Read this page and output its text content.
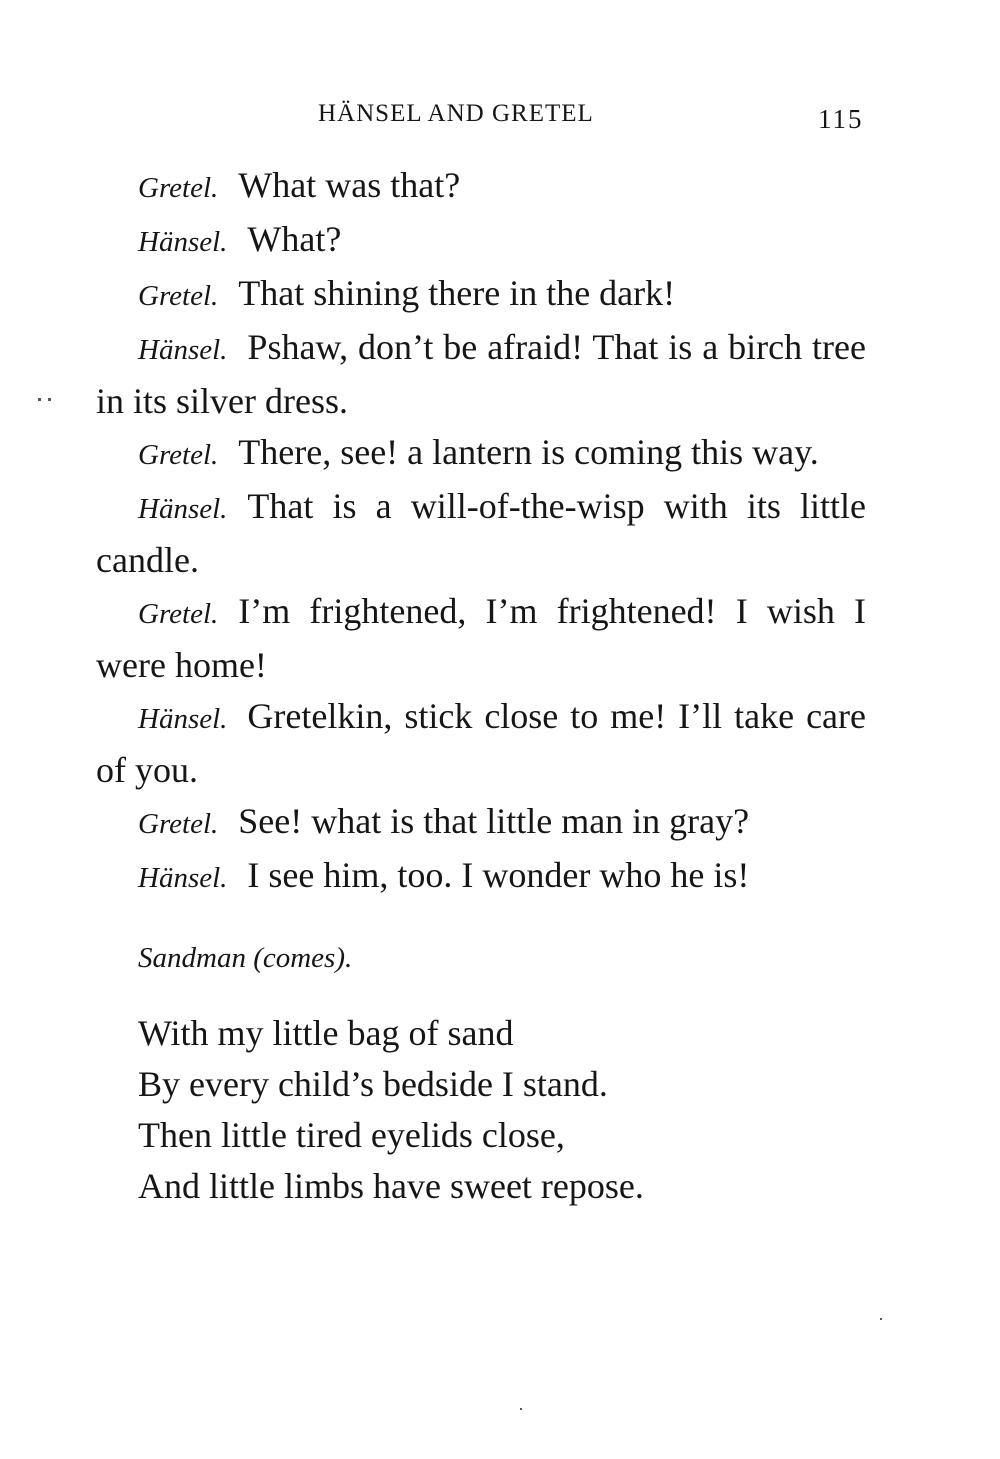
HÄNSEL AND GRETEL	115

Gretel. What was that?

Hänsel. What?

Gretel. That shining there in the dark!

Hänsel. Pshaw, don’t be afraid! That is a birch tree in its silver dress.

Gretel. There, see! a lantern is coming this way.

Hänsel. That is a will-of-the-wisp with its little candle.

Gretel. I’m frightened, I’m frightened! I wish I were home!

Hänsel. Gretelkin, stick close to me! I’ll take care of you.

Gretel. See! what is that little man in gray?

Hänsel. I see him, too. I wonder who he is!

Sandman (comes).
With my little bag of sand
By every child’s bedside I stand.
Then little tired eyelids close,
And little limbs have sweet repose.
